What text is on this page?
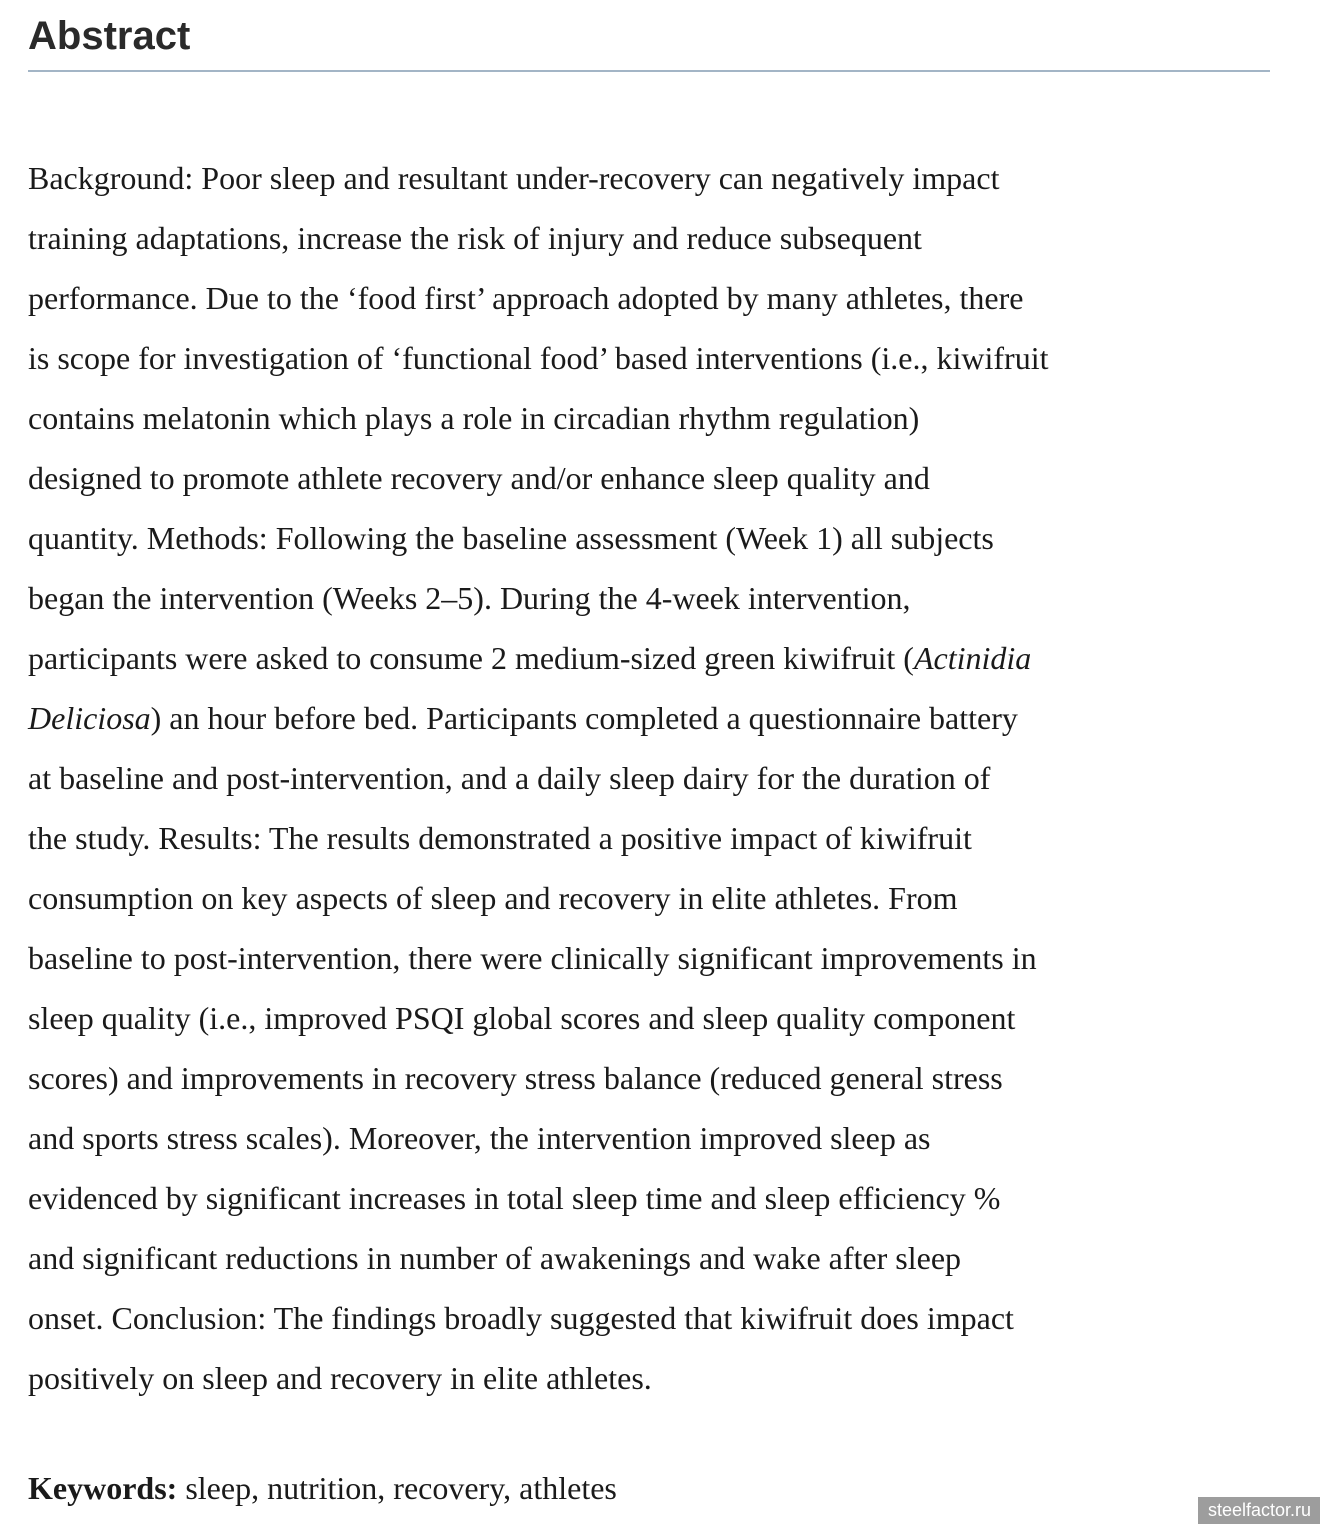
Abstract
Background: Poor sleep and resultant under-recovery can negatively impact
training adaptations, increase the risk of injury and reduce subsequent
performance. Due to the ‘food first’ approach adopted by many athletes, there
is scope for investigation of ‘functional food’ based interventions (i.e., kiwifruit
contains melatonin which plays a role in circadian rhythm regulation)
designed to promote athlete recovery and/or enhance sleep quality and
quantity. Methods: Following the baseline assessment (Week 1) all subjects
began the intervention (Weeks 2–5). During the 4-week intervention,
participants were asked to consume 2 medium-sized green kiwifruit (Actinidia
Deliciosa) an hour before bed. Participants completed a questionnaire battery
at baseline and post-intervention, and a daily sleep dairy for the duration of
the study. Results: The results demonstrated a positive impact of kiwifruit
consumption on key aspects of sleep and recovery in elite athletes. From
baseline to post-intervention, there were clinically significant improvements in
sleep quality (i.e., improved PSQI global scores and sleep quality component
scores) and improvements in recovery stress balance (reduced general stress
and sports stress scales). Moreover, the intervention improved sleep as
evidenced by significant increases in total sleep time and sleep efficiency %
and significant reductions in number of awakenings and wake after sleep
onset. Conclusion: The findings broadly suggested that kiwifruit does impact
positively on sleep and recovery in elite athletes.
Keywords: sleep, nutrition, recovery, athletes
steelfactor.ru
